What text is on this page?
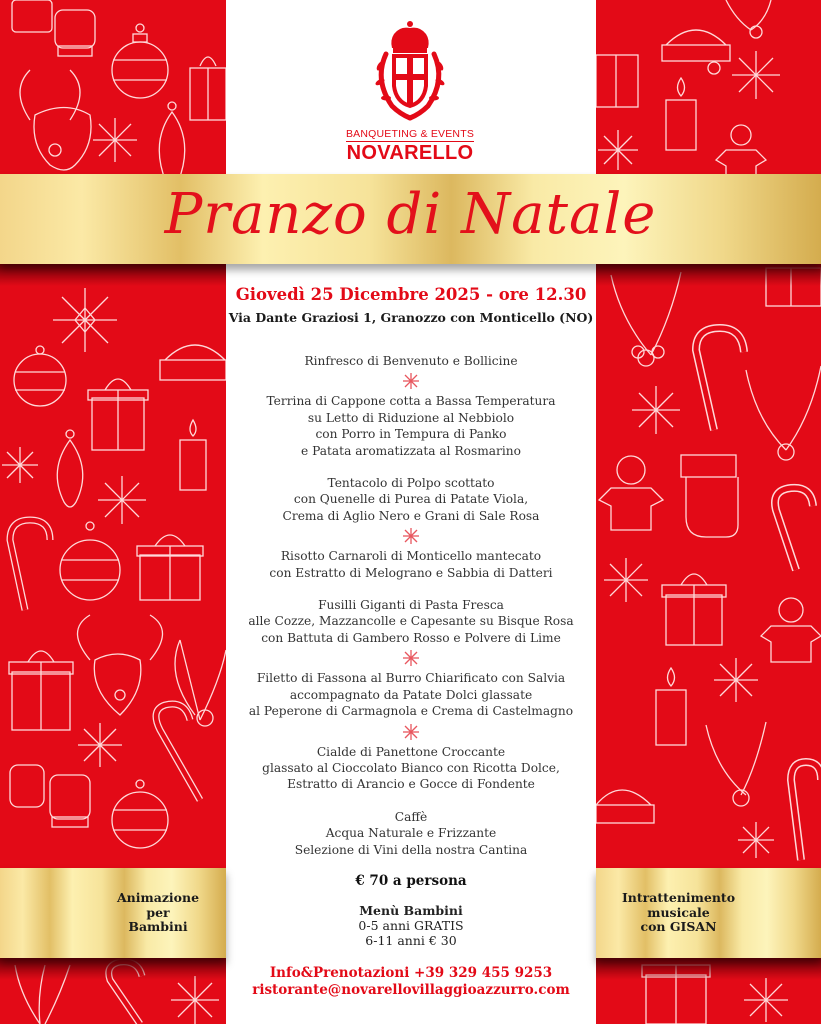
BANQUETING & EVENTS
NOVARELLO
Pranzo di Natale
Giovedì 25 Dicembre 2025 - ore 12.30
Via Dante Graziosi 1, Granozzo con Monticello (NO)
Rinfresco di Benvenuto e Bollicine
Terrina di Cappone cotta a Bassa Temperatura
su Letto di Riduzione al Nebbiolo
con Porro in Tempura di Panko
e Patata aromatizzata al Rosmarino
Tentacolo di Polpo scottato
con Quenelle di Purea di Patate Viola,
Crema di Aglio Nero e Grani di Sale Rosa
Risotto Carnaroli di Monticello mantecato
con Estratto di Melograno e Sabbia di Datteri
Fusilli Giganti di Pasta Fresca
alle Cozze, Mazzancolle e Capesante su Bisque Rosa
con Battuta di Gambero Rosso e Polvere di Lime
Filetto di Fassona al Burro Chiarificato con Salvia
accompagnato da Patate Dolci glassate
al Peperone di Carmagnola e Crema di Castelmagno
Cialde di Panettone Croccante
glassato al Cioccolato Bianco con Ricotta Dolce,
Estratto di Arancio e Gocce di Fondente
Caffè
Acqua Naturale e Frizzante
Selezione di Vini della nostra Cantina
€ 70 a persona
Menù Bambini
0-5 anni GRATIS
6-11 anni € 30
Info&Prenotazioni +39 329 455 9253
ristorante@novarellovillaggioazzurro.com
Animazione
per
Bambini
Intrattenimento
musicale
con GISAN
